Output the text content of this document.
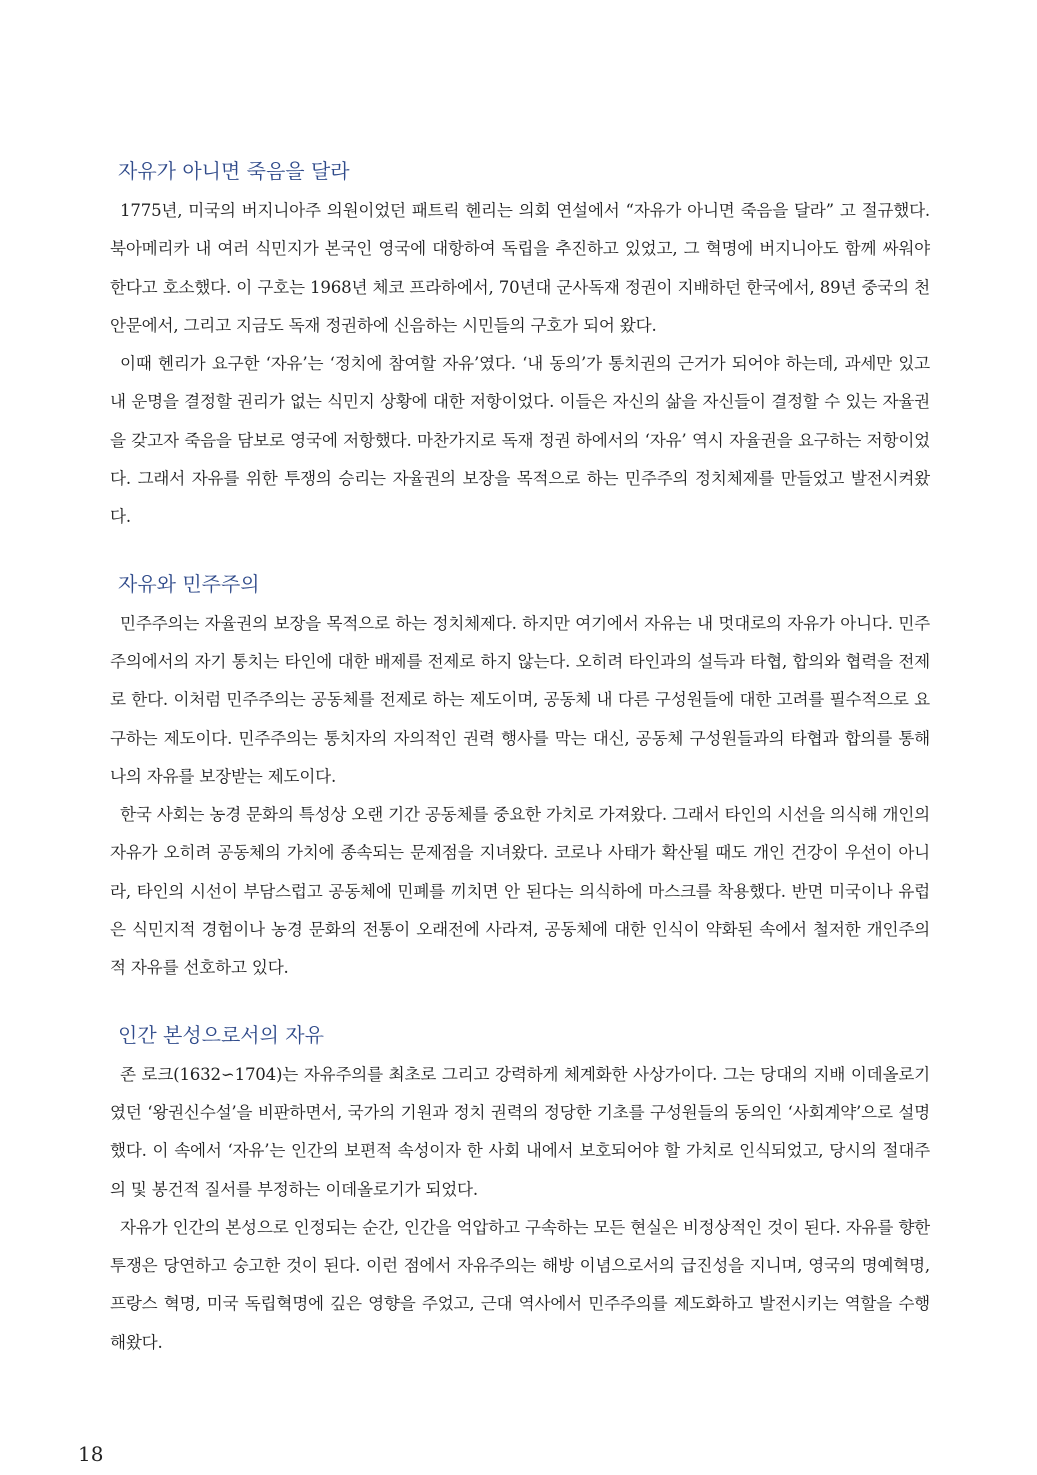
자유가 아니면 죽음을 달라

1775년, 미국의 버지니아주 의원이었던 패트릭 헨리는 의회 연설에서 “자유가 아니면 죽음을 달라” 고 절규했다. 북아메리카 내 여러 식민지가 본국인 영국에 대항하여 독립을 추진하고 있었고, 그 혁명에 버지니아도 함께 싸워야 한다고 호소했다. 이 구호는 1968년 체코 프라하에서, 70년대 군사독재 정권이 지배하던 한국에서, 89년 중국의 천안문에서, 그리고 지금도 독재 정권하에 신음하는 시민들의 구호가 되어 왔다.

이때 헨리가 요구한 ‘자유’는 ‘정치에 참여할 자유’였다. ‘내 동의’가 통치권의 근거가 되어야 하는데, 과세만 있고 내 운명을 결정할 권리가 없는 식민지 상황에 대한 저항이었다. 이들은 자신의 삶을 자신들이 결정할 수 있는 자율권을 갖고자 죽음을 담보로 영국에 저항했다. 마찬가지로 독재 정권 하에서의 ‘자유’ 역시 자율권을 요구하는 저항이었다. 그래서 자유를 위한 투쟁의 승리는 자율권의 보장을 목적으로 하는 민주주의 정치체제를 만들었고 발전시켜왔다.

자유와 민주주의

민주주의는 자율권의 보장을 목적으로 하는 정치체제다. 하지만 여기에서 자유는 내 멋대로의 자유가 아니다. 민주주의에서의 자기 통치는 타인에 대한 배제를 전제로 하지 않는다. 오히려 타인과의 설득과 타협, 합의와 협력을 전제로 한다. 이처럼 민주주의는 공동체를 전제로 하는 제도이며, 공동체 내 다른 구성원들에 대한 고려를 필수적으로 요구하는 제도이다. 민주주의는 통치자의 자의적인 권력 행사를 막는 대신, 공동체 구성원들과의 타협과 합의를 통해 나의 자유를 보장받는 제도이다.

한국 사회는 농경 문화의 특성상 오랜 기간 공동체를 중요한 가치로 가져왔다. 그래서 타인의 시선을 의식해 개인의 자유가 오히려 공동체의 가치에 종속되는 문제점을 지녀왔다. 코로나 사태가 확산될 때도 개인 건강이 우선이 아니라, 타인의 시선이 부담스럽고 공동체에 민폐를 끼치면 안 된다는 의식하에 마스크를 착용했다. 반면 미국이나 유럽은 식민지적 경험이나 농경 문화의 전통이 오래전에 사라져, 공동체에 대한 인식이 약화된 속에서 철저한 개인주의적 자유를 선호하고 있다.

인간 본성으로서의 자유

존 로크(1632∽1704)는 자유주의를 최초로 그리고 강력하게 체계화한 사상가이다. 그는 당대의 지배 이데올로기였던 ‘왕권신수설’을 비판하면서, 국가의 기원과 정치 권력의 정당한 기초를 구성원들의 동의인 ‘사회계약’으로 설명했다. 이 속에서 ‘자유’는 인간의 보편적 속성이자 한 사회 내에서 보호되어야 할 가치로 인식되었고, 당시의 절대주의 및 봉건적 질서를 부정하는 이데올로기가 되었다.

자유가 인간의 본성으로 인정되는 순간, 인간을 억압하고 구속하는 모든 현실은 비정상적인 것이 된다. 자유를 향한 투쟁은 당연하고 숭고한 것이 된다. 이런 점에서 자유주의는 해방 이념으로서의 급진성을 지니며, 영국의 명예혁명, 프랑스 혁명, 미국 독립혁명에 깊은 영향을 주었고, 근대 역사에서 민주주의를 제도화하고 발전시키는 역할을 수행해왔다.

18
